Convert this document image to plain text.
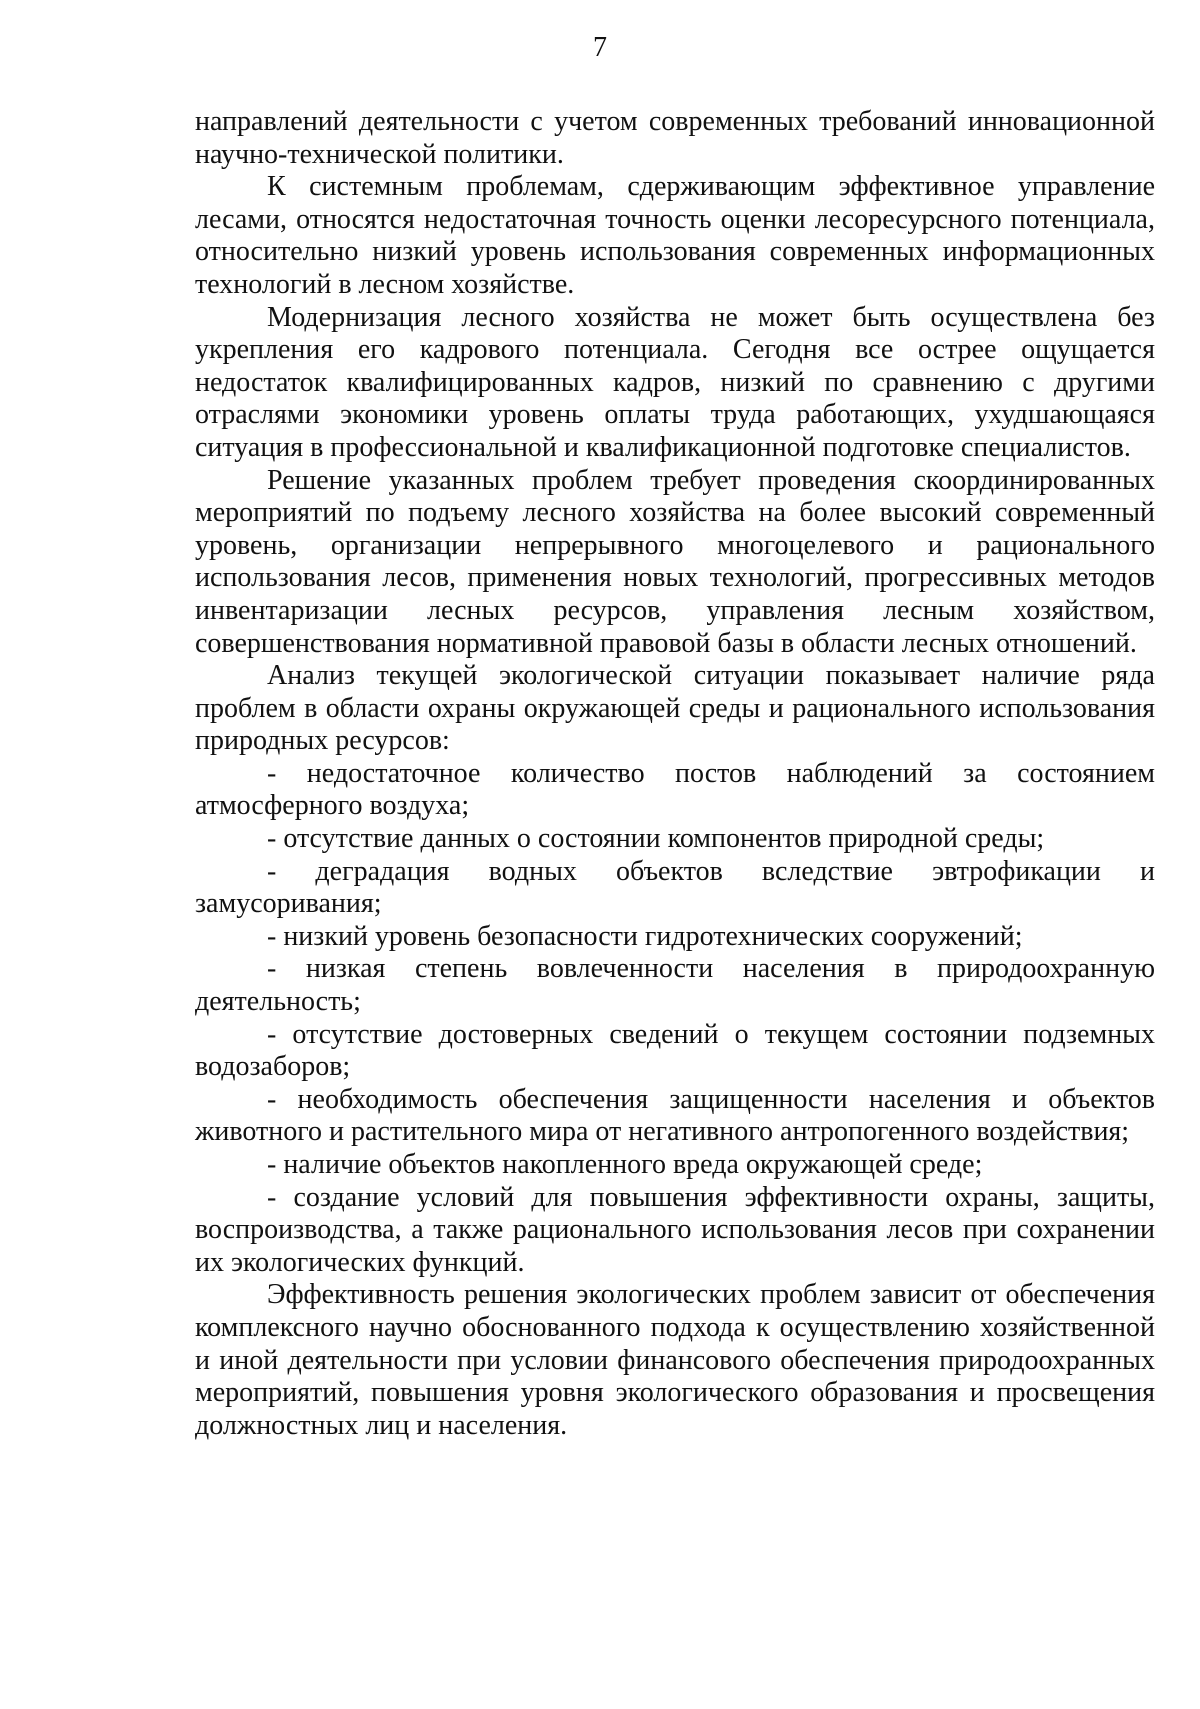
7

направлений деятельности с учетом современных требований инновационной научно-технической политики.

К системным проблемам, сдерживающим эффективное управление лесами, относятся недостаточная точность оценки лесоресурсного потенциала, относительно низкий уровень использования современных информационных технологий в лесном хозяйстве.

Модернизация лесного хозяйства не может быть осуществлена без укрепления его кадрового потенциала. Сегодня все острее ощущается недостаток квалифицированных кадров, низкий по сравнению с другими отраслями экономики уровень оплаты труда работающих, ухудшающаяся ситуация в профессиональной и квалификационной подготовке специалистов.

Решение указанных проблем требует проведения скоординированных мероприятий по подъему лесного хозяйства на более высокий современный уровень, организации непрерывного многоцелевого и рационального использования лесов, применения новых технологий, прогрессивных методов инвентаризации лесных ресурсов, управления лесным хозяйством, совершенствования нормативной правовой базы в области лесных отношений.

Анализ текущей экологической ситуации показывает наличие ряда проблем в области охраны окружающей среды и рационального использования природных ресурсов:

- недостаточное количество постов наблюдений за состоянием атмосферного воздуха;

- отсутствие данных о состоянии компонентов природной среды;

- деградация водных объектов вследствие эвтрофикации и замусоривания;

- низкий уровень безопасности гидротехнических сооружений;

- низкая степень вовлеченности населения в природоохранную деятельность;

- отсутствие достоверных сведений о текущем состоянии подземных водозаборов;

- необходимость обеспечения защищенности населения и объектов животного и растительного мира от негативного антропогенного воздействия;

- наличие объектов накопленного вреда окружающей среде;

- создание условий для повышения эффективности охраны, защиты, воспроизводства, а также рационального использования лесов при сохранении их экологических функций.

Эффективность решения экологических проблем зависит от обеспечения комплексного научно обоснованного подхода к осуществлению хозяйственной и иной деятельности при условии финансового обеспечения природоохранных мероприятий, повышения уровня экологического образования и просвещения должностных лиц и населения.
